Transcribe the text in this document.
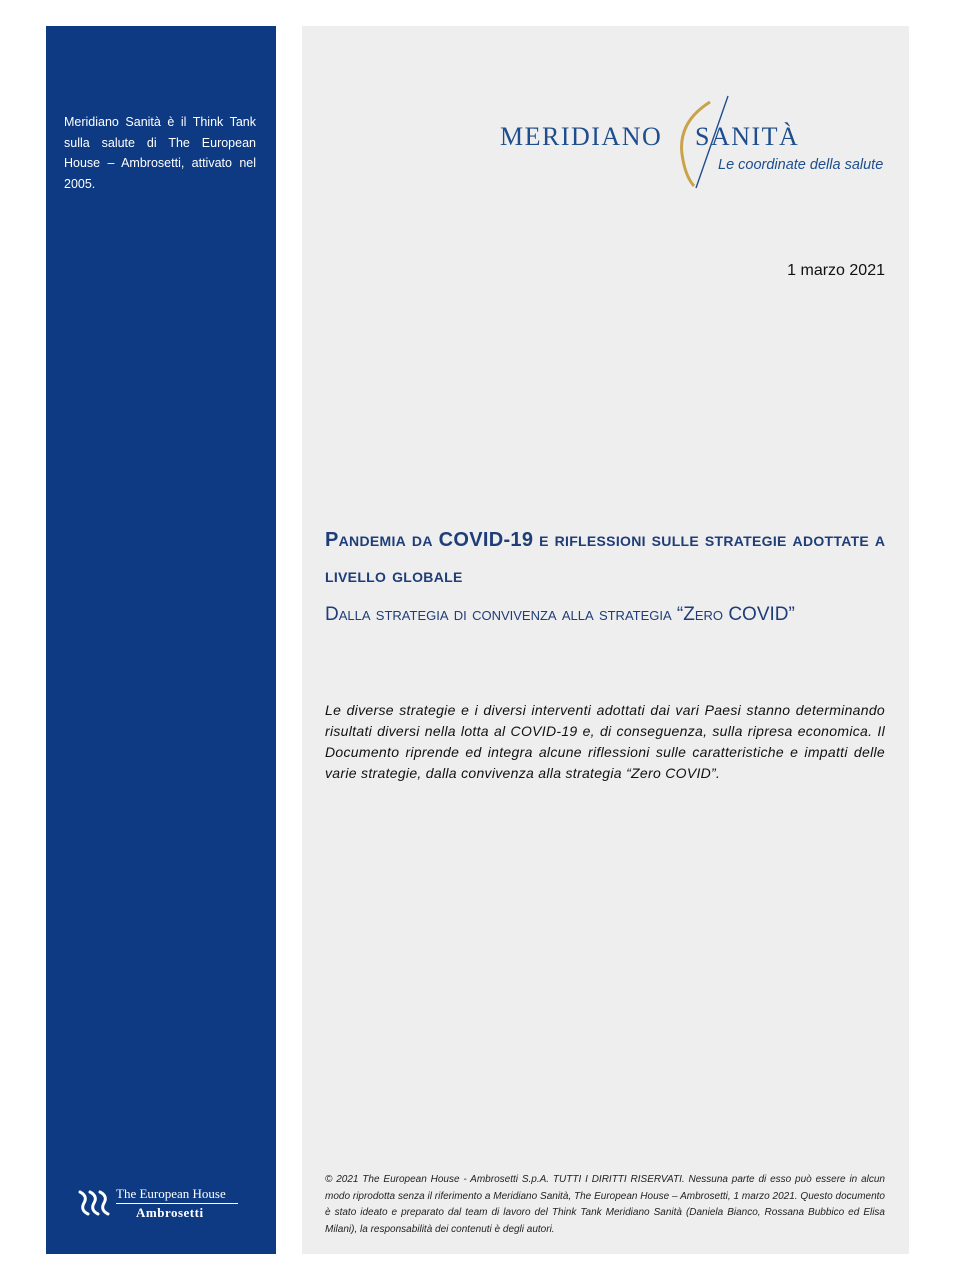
Meridiano Sanità è il Think Tank sulla salute di The European House – Ambrosetti, attivato nel 2005.
The European House
Ambrosetti
MERIDIANO SANITÀ
Le coordinate della salute
1 marzo 2021
Pandemia da COVID-19 e riflessioni sulle strategie adottate a livello globale
Dalla strategia di convivenza alla strategia “Zero COVID”
Le diverse strategie e i diversi interventi adottati dai vari Paesi stanno determinando risultati diversi nella lotta al COVID-19 e, di conseguenza, sulla ripresa economica. Il Documento riprende ed integra alcune riflessioni sulle caratteristiche e impatti delle varie strategie, dalla convivenza alla strategia “Zero COVID”.
© 2021 The European House - Ambrosetti S.p.A. TUTTI I DIRITTI RISERVATI. Nessuna parte di esso può essere in alcun modo riprodotta senza il riferimento a Meridiano Sanità, The European House – Ambrosetti, 1 marzo 2021. Questo documento è stato ideato e preparato dal team di lavoro del Think Tank Meridiano Sanità (Daniela Bianco, Rossana Bubbico ed Elisa Milani), la responsabilità dei contenuti è degli autori.
